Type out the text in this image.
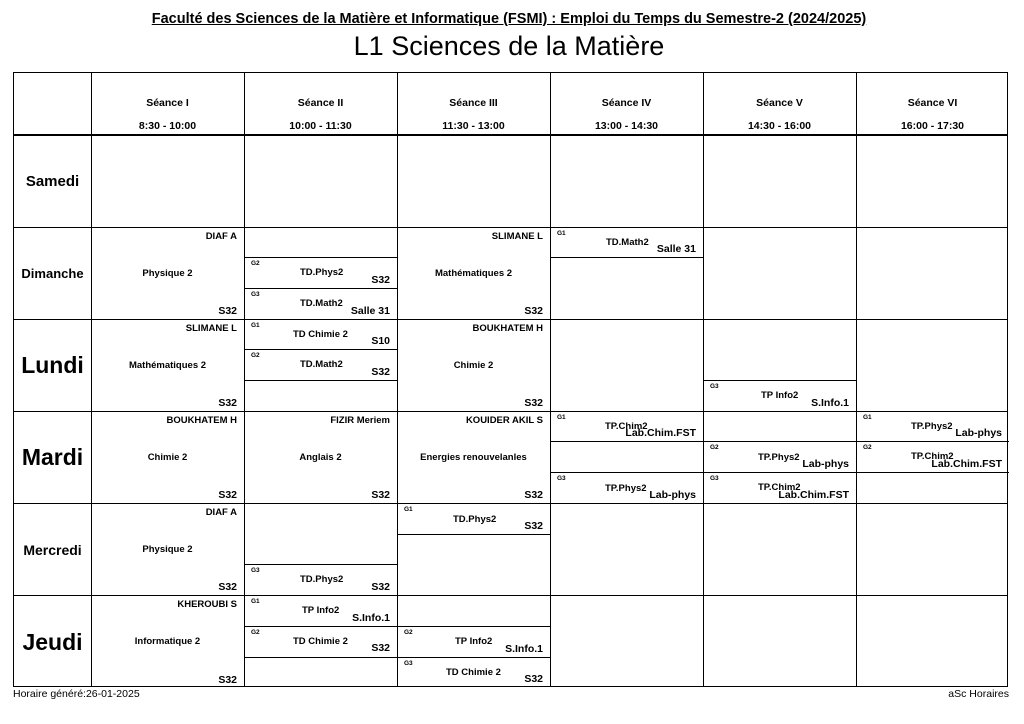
Faculté des Sciences de la Matière et Informatique (FSMI) : Emploi du Temps du Semestre-2 (2024/2025)
L1 Sciences de la Matière
Séance I
8:30 - 10:00
Séance II
10:00 - 11:30
Séance III
11:30 - 13:00
Séance IV
13:00 - 14:30
Séance V
14:30 - 16:00
Séance VI
16:00 - 17:30
Samedi
Dimanche
Lundi
Mardi
Mercredi
Jeudi
DIAF A
Physique 2
S32
SLIMANE L
Mathématiques 2
S32
G2
TD.Phys2
S32
G3
TD.Math2
Salle 31
G1
TD.Math2
Salle 31
SLIMANE L
Mathématiques 2
S32
BOUKHATEM H
Chimie 2
S32
G1
TD Chimie 2
S10
G2
TD.Math2
S32
G3
TP Info2
S.Info.1
BOUKHATEM H
Chimie 2
S32
FIZIR Meriem
Anglais 2
S32
KOUIDER AKIL S
Energies renouvelanles
S32
G1
TP.Chim2
Lab.Chim.FST
G3
TP.Phys2
Lab-phys
G2
TP.Phys2
Lab-phys
G3
TP.Chim2
Lab.Chim.FST
G1
TP.Phys2
Lab-phys
G2
TP.Chim2
Lab.Chim.FST
DIAF A
Physique 2
S32
G3
TD.Phys2
S32
G1
TD.Phys2
S32
KHEROUBI S
Informatique 2
S32
G1
TP Info2
S.Info.1
G2
TD Chimie 2
S32
G2
TP Info2
S.Info.1
G3
TD Chimie 2
S32
Horaire généré:26-01-2025	aSc Horaires
